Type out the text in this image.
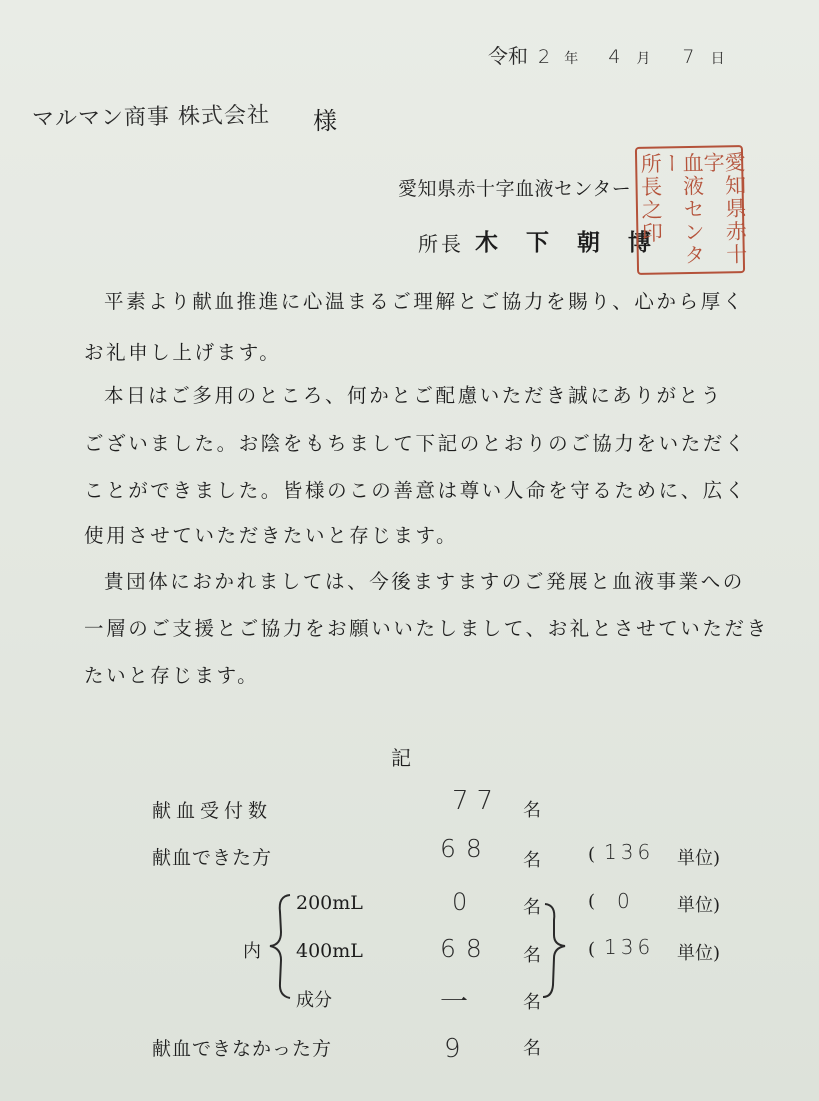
令和 2 年 4 月 7 日
マルマン商事 株式会社 様
愛知県赤十字血液センター
所長 木 下 朝 博	愛知県赤十字
血液センター
所長之印
平素より献血推進に心温まるご理解とご協力を賜り、心から厚く
お礼申し上げます。
本日はご多用のところ、何かとご配慮いただき誠にありがとう
ございました。お陰をもちまして下記のとおりのご協力をいただく
ことができました。皆様のこの善意は尊い人命を守るために、広く
使用させていただきたいと存じます。
貴団体におかれましては、今後ますますのご発展と血液事業への
一層のご支援とご協力をお願いいたしまして、お礼とさせていただき
たいと存じます。
記
献血受付数	77 名
献血できた方	68 名	( 136 単位)
内
200mL	0	名	( 0	単位)
400mL	68 名	( 136 単位)
成分	一	名
献血できなかった方	9	名
